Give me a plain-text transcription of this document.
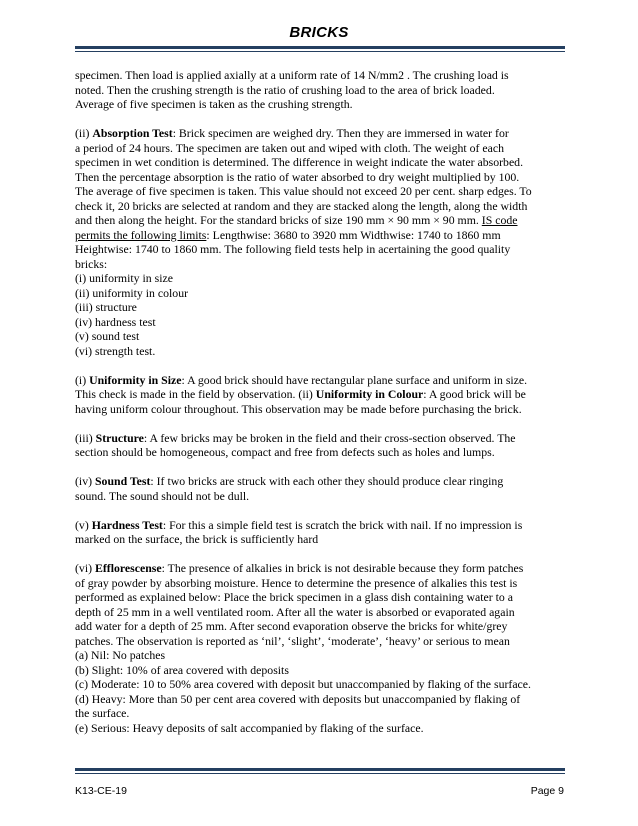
BRICKS

specimen. Then load is applied axially at a uniform rate of 14 N/mm2 . The crushing load is
noted. Then the crushing strength is the ratio of crushing load to the area of brick loaded.
Average of five specimen is taken as the crushing strength.

(ii) Absorption Test: Brick specimen are weighed dry. Then they are immersed in water for
a period of 24 hours. The specimen are taken out and wiped with cloth. The weight of each
specimen in wet condition is determined. The difference in weight indicate the water absorbed.
Then the percentage absorption is the ratio of water absorbed to dry weight multiplied by 100.
The average of five specimen is taken. This value should not exceed 20 per cent. sharp edges. To
check it, 20 bricks are selected at random and they are stacked along the length, along the width
and then along the height. For the standard bricks of size 190 mm × 90 mm × 90 mm. IS code
permits the following limits: Lengthwise: 3680 to 3920 mm Widthwise: 1740 to 1860 mm
Heightwise: 1740 to 1860 mm. The following field tests help in acertaining the good quality
bricks:
(i) uniformity in size
(ii) uniformity in colour
(iii) structure
(iv) hardness test
(v) sound test
(vi) strength test.

(i) Uniformity in Size: A good brick should have rectangular plane surface and uniform in size.
This check is made in the field by observation. (ii) Uniformity in Colour: A good brick will be
having uniform colour throughout. This observation may be made before purchasing the brick.

(iii) Structure: A few bricks may be broken in the field and their cross-section observed. The
section should be homogeneous, compact and free from defects such as holes and lumps.

(iv) Sound Test: If two bricks are struck with each other they should produce clear ringing
sound. The sound should not be dull.

(v) Hardness Test: For this a simple field test is scratch the brick with nail. If no impression is
marked on the surface, the brick is sufficiently hard

(vi) Efflorescense: The presence of alkalies in brick is not desirable because they form patches
of gray powder by absorbing moisture. Hence to determine the presence of alkalies this test is
performed as explained below: Place the brick specimen in a glass dish containing water to a
depth of 25 mm in a well ventilated room. After all the water is absorbed or evaporated again
add water for a depth of 25 mm. After second evaporation observe the bricks for white/grey
patches. The observation is reported as ‘nil’, ‘slight’, ‘moderate’, ‘heavy’ or serious to mean
(a) Nil: No patches
(b) Slight: 10% of area covered with deposits
(c) Moderate: 10 to 50% area covered with deposit but unaccompanied by flaking of the surface.
(d) Heavy: More than 50 per cent area covered with deposits but unaccompanied by flaking of
the surface.
(e) Serious: Heavy deposits of salt accompanied by flaking of the surface.

K13-CE-19	Page 9
